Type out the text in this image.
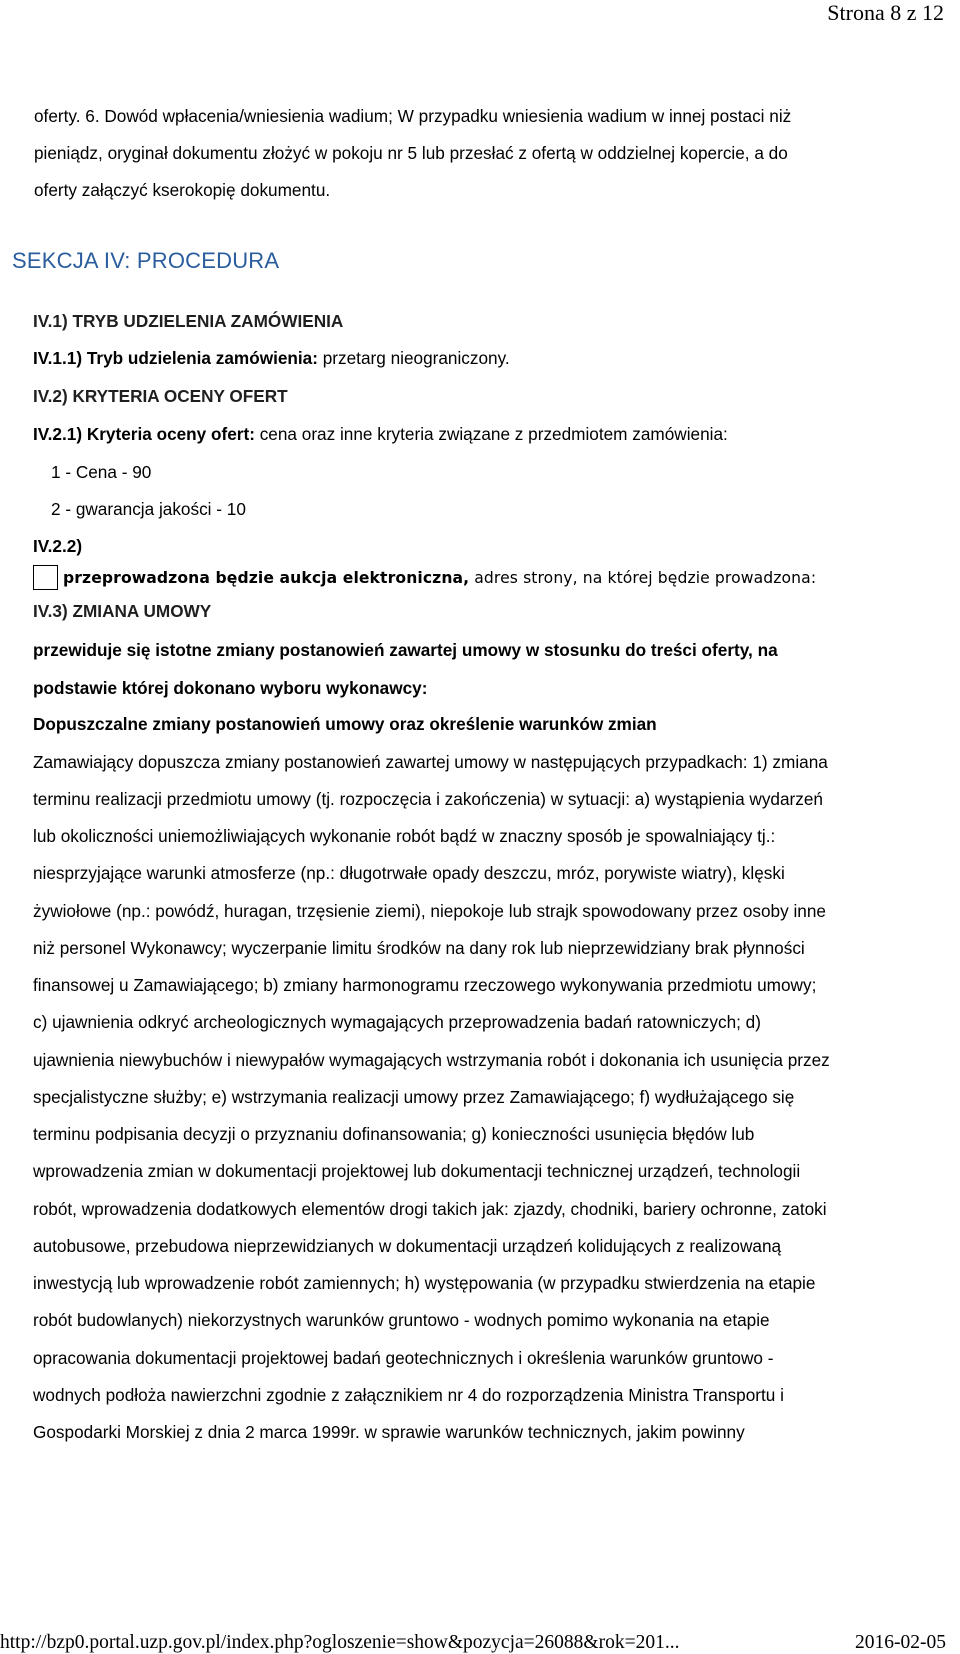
Strona 8 z 12
oferty. 6. Dowód wpłacenia/wniesienia wadium; W przypadku wniesienia wadium w innej postaci niż
pieniądz, oryginał dokumentu złożyć w pokoju nr 5 lub przesłać z ofertą w oddzielnej kopercie, a do
oferty załączyć kserokopię dokumentu.
SEKCJA IV: PROCEDURA
IV.1) TRYB UDZIELENIA ZAMÓWIENIA
IV.1.1) Tryb udzielenia zamówienia: przetarg nieograniczony.
IV.2) KRYTERIA OCENY OFERT
IV.2.1) Kryteria oceny ofert: cena oraz inne kryteria związane z przedmiotem zamówienia:
1 - Cena - 90
2 - gwarancja jakości - 10
IV.2.2)
przeprowadzona będzie aukcja elektroniczna, adres strony, na której będzie prowadzona:
IV.3) ZMIANA UMOWY
przewiduje się istotne zmiany postanowień zawartej umowy w stosunku do treści oferty, na
podstawie której dokonano wyboru wykonawcy:
Dopuszczalne zmiany postanowień umowy oraz określenie warunków zmian
Zamawiający dopuszcza zmiany postanowień zawartej umowy w następujących przypadkach: 1) zmiana
terminu realizacji przedmiotu umowy (tj. rozpoczęcia i zakończenia) w sytuacji: a) wystąpienia wydarzeń
lub okoliczności uniemożliwiających wykonanie robót bądź w znaczny sposób je spowalniający tj.:
niesprzyjające warunki atmosferze (np.: długotrwałe opady deszczu, mróz, porywiste wiatry), klęski
żywiołowe (np.: powódź, huragan, trzęsienie ziemi), niepokoje lub strajk spowodowany przez osoby inne
niż personel Wykonawcy; wyczerpanie limitu środków na dany rok lub nieprzewidziany brak płynności
finansowej u Zamawiającego; b) zmiany harmonogramu rzeczowego wykonywania przedmiotu umowy;
c) ujawnienia odkryć archeologicznych wymagających przeprowadzenia badań ratowniczych; d)
ujawnienia niewybuchów i niewypałów wymagających wstrzymania robót i dokonania ich usunięcia przez
specjalistyczne służby; e) wstrzymania realizacji umowy przez Zamawiającego; f) wydłużającego się
terminu podpisania decyzji o przyznaniu dofinansowania; g) konieczności usunięcia błędów lub
wprowadzenia zmian w dokumentacji projektowej lub dokumentacji technicznej urządzeń, technologii
robót, wprowadzenia dodatkowych elementów drogi takich jak: zjazdy, chodniki, bariery ochronne, zatoki
autobusowe, przebudowa nieprzewidzianych w dokumentacji urządzeń kolidujących z realizowaną
inwestycją lub wprowadzenie robót zamiennych; h) występowania (w przypadku stwierdzenia na etapie
robót budowlanych) niekorzystnych warunków gruntowo - wodnych pomimo wykonania na etapie
opracowania dokumentacji projektowej badań geotechnicznych i określenia warunków gruntowo -
wodnych podłoża nawierzchni zgodnie z załącznikiem nr 4 do rozporządzenia Ministra Transportu i
Gospodarki Morskiej z dnia 2 marca 1999r. w sprawie warunków technicznych, jakim powinny
http://bzp0.portal.uzp.gov.pl/index.php?ogloszenie=show&pozycja=26088&rok=201...	2016-02-05
